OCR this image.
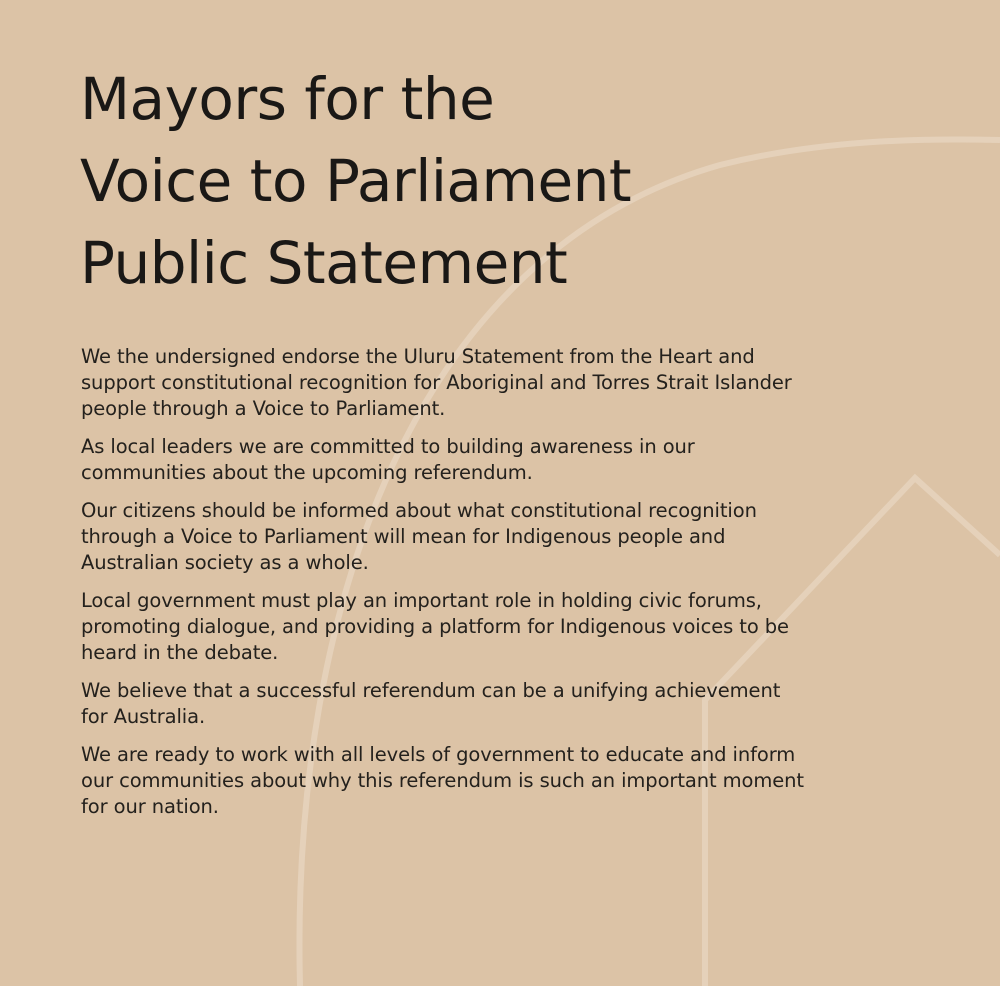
Mayors for the
Voice to Parliament
Public Statement

We the undersigned endorse the Uluru Statement from the Heart and
support constitutional recognition for Aboriginal and Torres Strait Islander
people through a Voice to Parliament.

As local leaders we are committed to building awareness in our
communities about the upcoming referendum.

Our citizens should be informed about what constitutional recognition
through a Voice to Parliament will mean for Indigenous people and
Australian society as a whole.

Local government must play an important role in holding civic forums,
promoting dialogue, and providing a platform for Indigenous voices to be
heard in the debate.

We believe that a successful referendum can be a unifying achievement
for Australia.

We are ready to work with all levels of government to educate and inform
our communities about why this referendum is such an important moment
for our nation.
